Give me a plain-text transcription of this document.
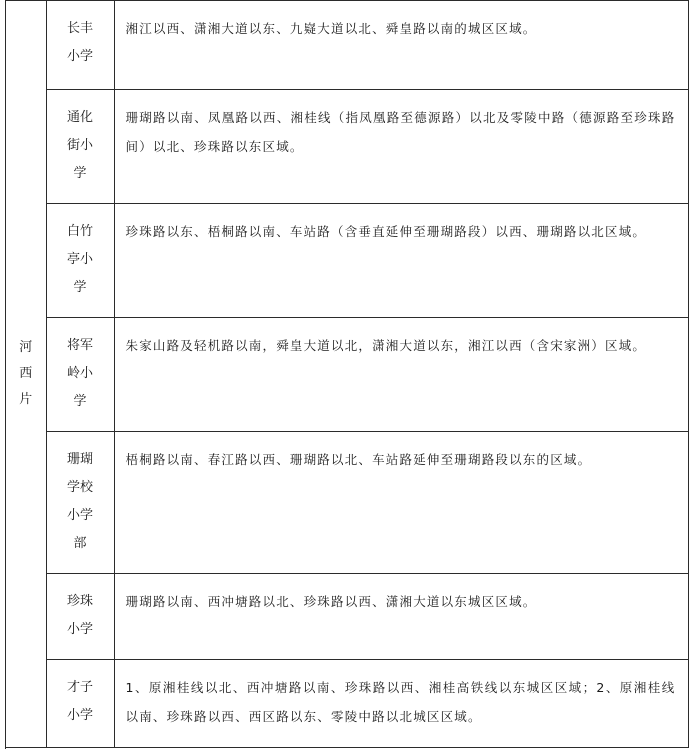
河西片	长丰小学	湘江以西、潇湘大道以东、九嶷大道以北、舜皇路以南的城区区域。

	通化街小学	珊瑚路以南、凤凰路以西、湘桂线（指凤凰路至德源路）以北及零陵中路（德源路至珍珠路间）以北、珍珠路以东区域。

	白竹亭小学	珍珠路以东、梧桐路以南、车站路（含垂直延伸至珊瑚路段）以西、珊瑚路以北区域。

	将军岭小学	朱家山路及轻机路以南，舜皇大道以北，潇湘大道以东，湘江以西（含宋家洲）区域。

	珊瑚学校小学部	梧桐路以南、春江路以西、珊瑚路以北、车站路延伸至珊瑚路段以东的区域。

	珍珠小学	珊瑚路以南、西冲塘路以北、珍珠路以西、潇湘大道以东城区区域。

	才子小学	1、原湘桂线以北、西冲塘路以南、珍珠路以西、湘桂高铁线以东城区区域；2、原湘桂线以南、珍珠路以西、西区路以东、零陵中路以北城区区域。
